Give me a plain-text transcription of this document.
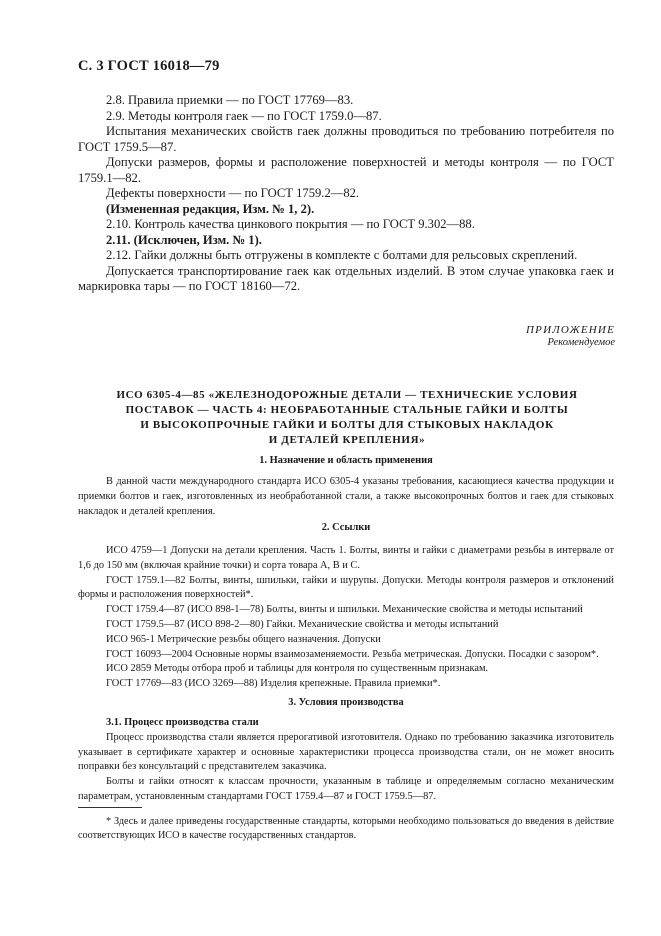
С. 3 ГОСТ 16018—79

2.8. Правила приемки — по ГОСТ 17769—83.

2.9. Методы контроля гаек — по ГОСТ 1759.0—87.

Испытания механических свойств гаек должны проводиться по требованию потребителя по ГОСТ 1759.5—87.

Допуски размеров, формы и расположение поверхностей и методы контроля — по ГОСТ 1759.1—82.

Дефекты поверхности — по ГОСТ 1759.2—82.

(Измененная редакция, Изм. № 1, 2).

2.10. Контроль качества цинкового покрытия — по ГОСТ 9.302—88.

2.11. (Исключен, Изм. № 1).

2.12. Гайки должны быть отгружены в комплекте с болтами для рельсовых скреплений.

Допускается транспортирование гаек как отдельных изделий. В этом случае упаковка гаек и маркировка тары — по ГОСТ 18160—72.

ПРИЛОЖЕНИЕ
Рекомендуемое
ИСО 6305-4—85 «ЖЕЛЕЗНОДОРОЖНЫЕ ДЕТАЛИ — ТЕХНИЧЕСКИЕ УСЛОВИЯ
ПОСТАВОК — ЧАСТЬ 4: НЕОБРАБОТАННЫЕ СТАЛЬНЫЕ ГАЙКИ И БОЛТЫ
И ВЫСОКОПРОЧНЫЕ ГАЙКИ И БОЛТЫ ДЛЯ СТЫКОВЫХ НАКЛАДОК
И ДЕТАЛЕЙ КРЕПЛЕНИЯ»
1. Назначение и область применения

В данной части международного стандарта ИСО 6305-4 указаны требования, касающиеся качества продукции и приемки болтов и гаек, изготовленных из необработанной стали, а также высокопрочных болтов и гаек для стыковых накладок и деталей крепления.

2. Ссылки

ИСО 4759—1 Допуски на детали крепления. Часть 1. Болты, винты и гайки с диаметрами резьбы в интервале от 1,6 до 150 мм (включая крайние точки) и сорта товара А, В и С.

ГОСТ 1759.1—82 Болты, винты, шпильки, гайки и шурупы. Допуски. Методы контроля размеров и отклонений формы и расположения поверхностей*.

ГОСТ 1759.4—87 (ИСО 898-1—78) Болты, винты и шпильки. Механические свойства и методы испытаний

ГОСТ 1759.5—87 (ИСО 898-2—80) Гайки. Механические свойства и методы испытаний

ИСО 965-1 Метрические резьбы общего назначения. Допуски

ГОСТ 16093—2004 Основные нормы взаимозаменяемости. Резьба метрическая. Допуски. Посадки с зазором*.

ИСО 2859 Методы отбора проб и таблицы для контроля по существенным признакам.

ГОСТ 17769—83 (ИСО 3269—88) Изделия крепежные. Правила приемки*.

3. Условия производства

3.1. Процесс производства стали

Процесс производства стали является прерогативой изготовителя. Однако по требованию заказчика изготовитель указывает в сертификате характер и основные характеристики процесса производства стали, он не может вносить поправки без консультаций с представителем заказчика.

Болты и гайки относят к классам прочности, указанным в таблице и определяемым согласно механическим параметрам, установленным стандартами ГОСТ 1759.4—87 и ГОСТ 1759.5—87.

* Здесь и далее приведены государственные стандарты, которыми необходимо пользоваться до введения в действие соответствующих ИСО в качестве государственных стандартов.
